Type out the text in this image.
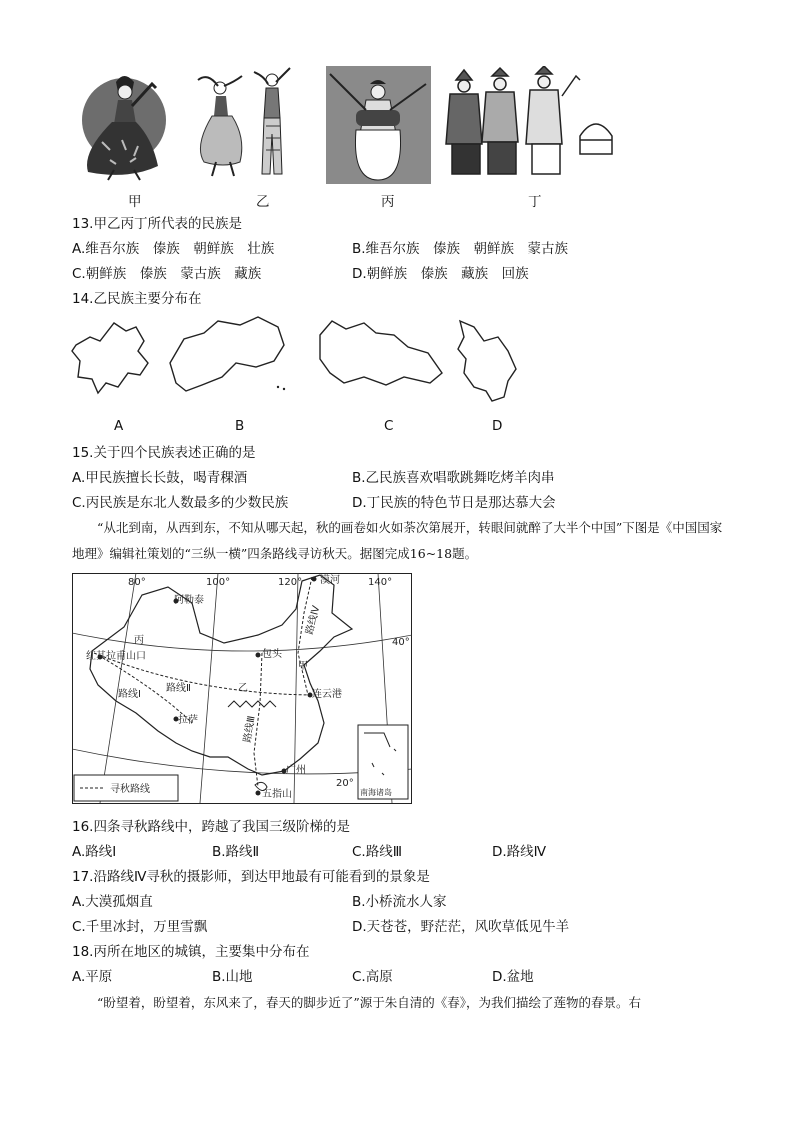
甲	乙	丙	丁
13.甲乙丙丁所代表的民族是
A.维吾尔族　傣族　朝鲜族　壮族	B.维吾尔族　傣族　朝鲜族　蒙古族
C.朝鲜族　傣族　蒙古族　藏族	D.朝鲜族　傣族　藏族　回族
14.乙民族主要分布在
A	B	C	D
15.关于四个民族表述正确的是
A.甲民族擅长长鼓，喝青稞酒	B.乙民族喜欢唱歌跳舞吃烤羊肉串
C.丙民族是东北人数最多的少数民族	D.丁民族的特色节日是那达慕大会
“从北到南，从西到东，不知从哪天起，秋的画卷如火如荼次第展开，转眼间就醉了大半个中国”下图是《中国国家地理》编辑社策划的“三纵一横”四条路线寻访秋天。据图完成16~18题。
80°	100°	120°	140°
40°
20°
阿勒泰
漠河
包头
连云港
红其拉甫山口
拉萨
广州
五指山
丙
乙
甲
路线Ⅰ
路线Ⅱ
路线Ⅲ
路线Ⅳ
寻秋路线	南海诸岛
16.四条寻秋路线中，跨越了我国三级阶梯的是
A.路线Ⅰ	B.路线Ⅱ	C.路线Ⅲ	D.路线Ⅳ
17.沿路线Ⅳ寻秋的摄影师，到达甲地最有可能看到的景象是
A.大漠孤烟直	B.小桥流水人家
C.千里冰封，万里雪飘	D.天苍苍，野茫茫，风吹草低见牛羊
18.丙所在地区的城镇，主要集中分布在
A.平原	B.山地	C.高原	D.盆地
“盼望着，盼望着，东风来了，春天的脚步近了”源于朱自清的《春》，为我们描绘了莲物的春景。右
